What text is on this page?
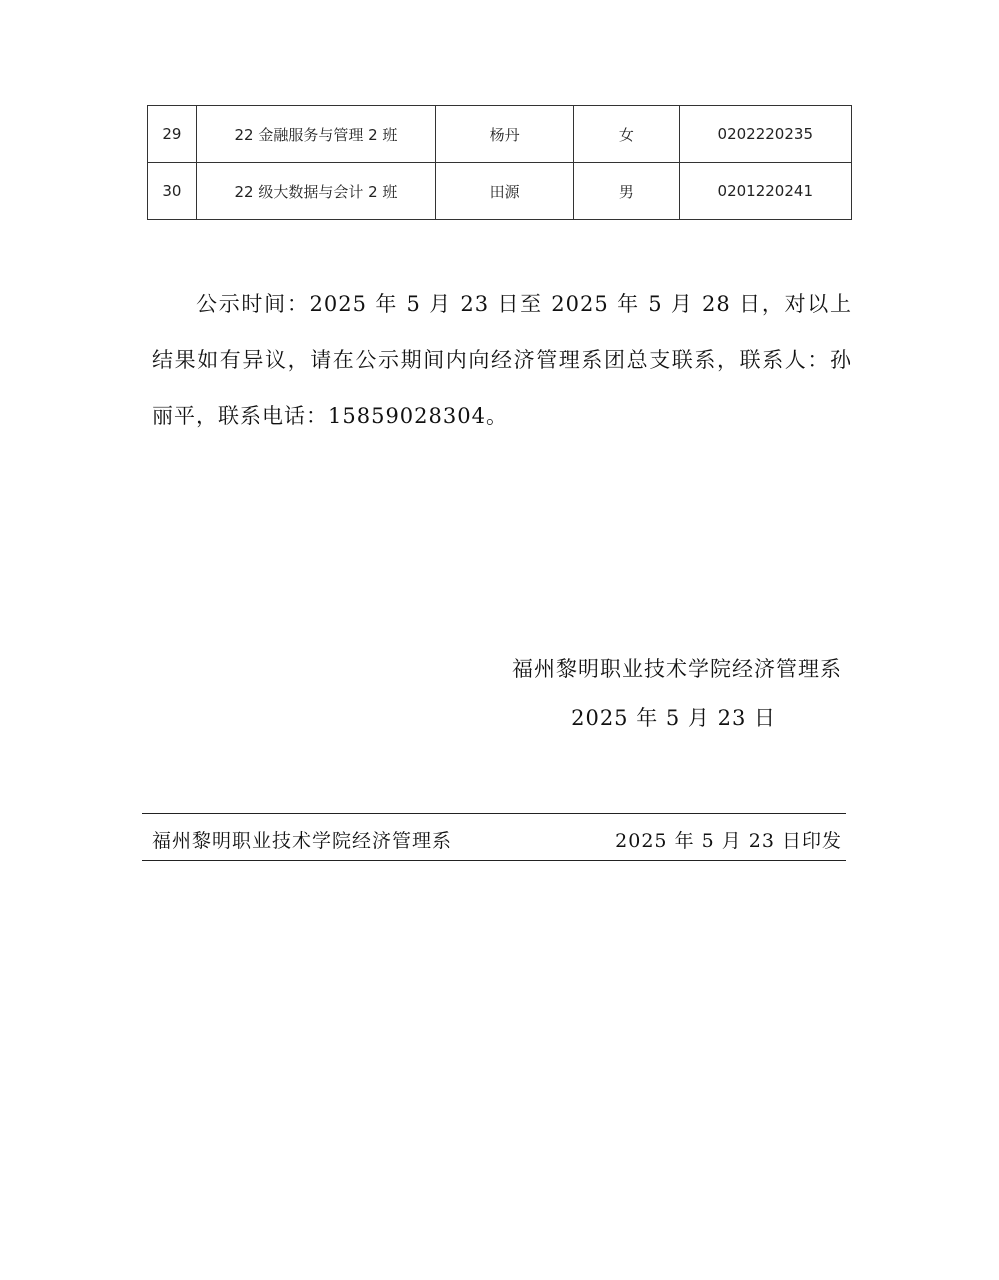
29	22 金融服务与管理 2 班	杨丹	女	0202220235
30	22 级大数据与会计 2 班	田源	男	0201220241

公示时间：2025 年 5 月 23 日至 2025 年 5 月 28 日，对以上结果如有异议，请在公示期间内向经济管理系团总支联系，联系人：孙丽平，联系电话：15859028304。

福州黎明职业技术学院经济管理系
2025 年 5 月 23 日
福州黎明职业技术学院经济管理系	2025 年 5 月 23 日印发
